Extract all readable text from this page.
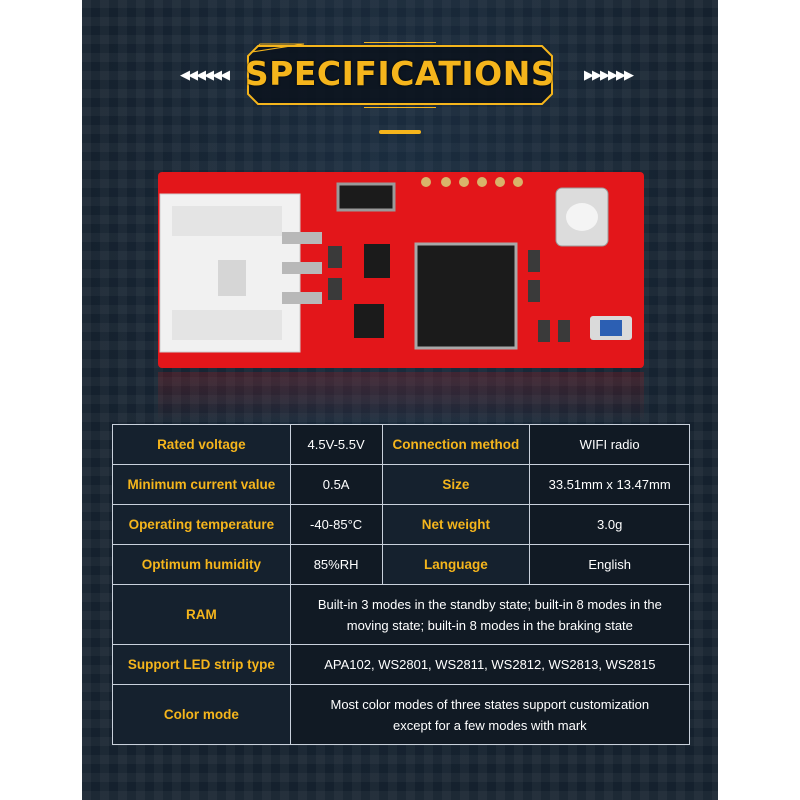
◀◀◀◀◀◀	▶▶▶▶▶▶
SPECIFICATIONS
Rated voltage	4.5V-5.5V	Connection method	WIFI radio
Minimum current value	0.5A	Size	33.51mm x 13.47mm
Operating temperature	-40-85°C	Net weight	3.0g
Optimum humidity	85%RH	Language	English
RAM	Built-in 3 modes in the standby state; built-in 8 modes in the
moving state; built-in 8 modes in the braking state		

Support LED strip type	APA102, WS2801, WS2811, WS2812, WS2813, WS2815		
Color mode	Most color modes of three states support customization
except for a few modes with mark		
